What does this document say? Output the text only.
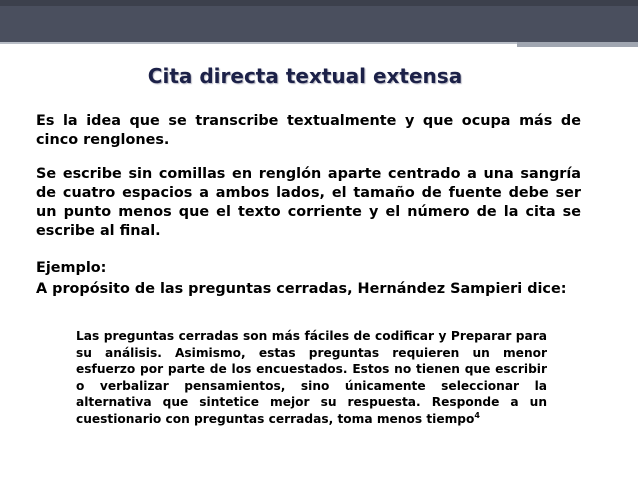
Cita directa textual extensa
Es la idea que se transcribe textualmente y que ocupa más de cinco renglones.
Se escribe sin comillas en renglón aparte centrado a una sangría de cuatro espacios a ambos lados, el tamaño de fuente debe ser un punto menos que el texto corriente y el número de la cita se escribe al final.
Ejemplo:
A propósito de las preguntas cerradas, Hernández Sampieri dice:
Las preguntas cerradas son más fáciles de codificar y Preparar para su análisis. Asimismo, estas preguntas requieren un menor esfuerzo por parte de los encuestados. Estos no tienen que escribir o verbalizar pensamientos, sino únicamente seleccionar la alternativa que sintetice mejor su respuesta. Responde a un cuestionario con preguntas cerradas, toma menos tiempo$^4$
